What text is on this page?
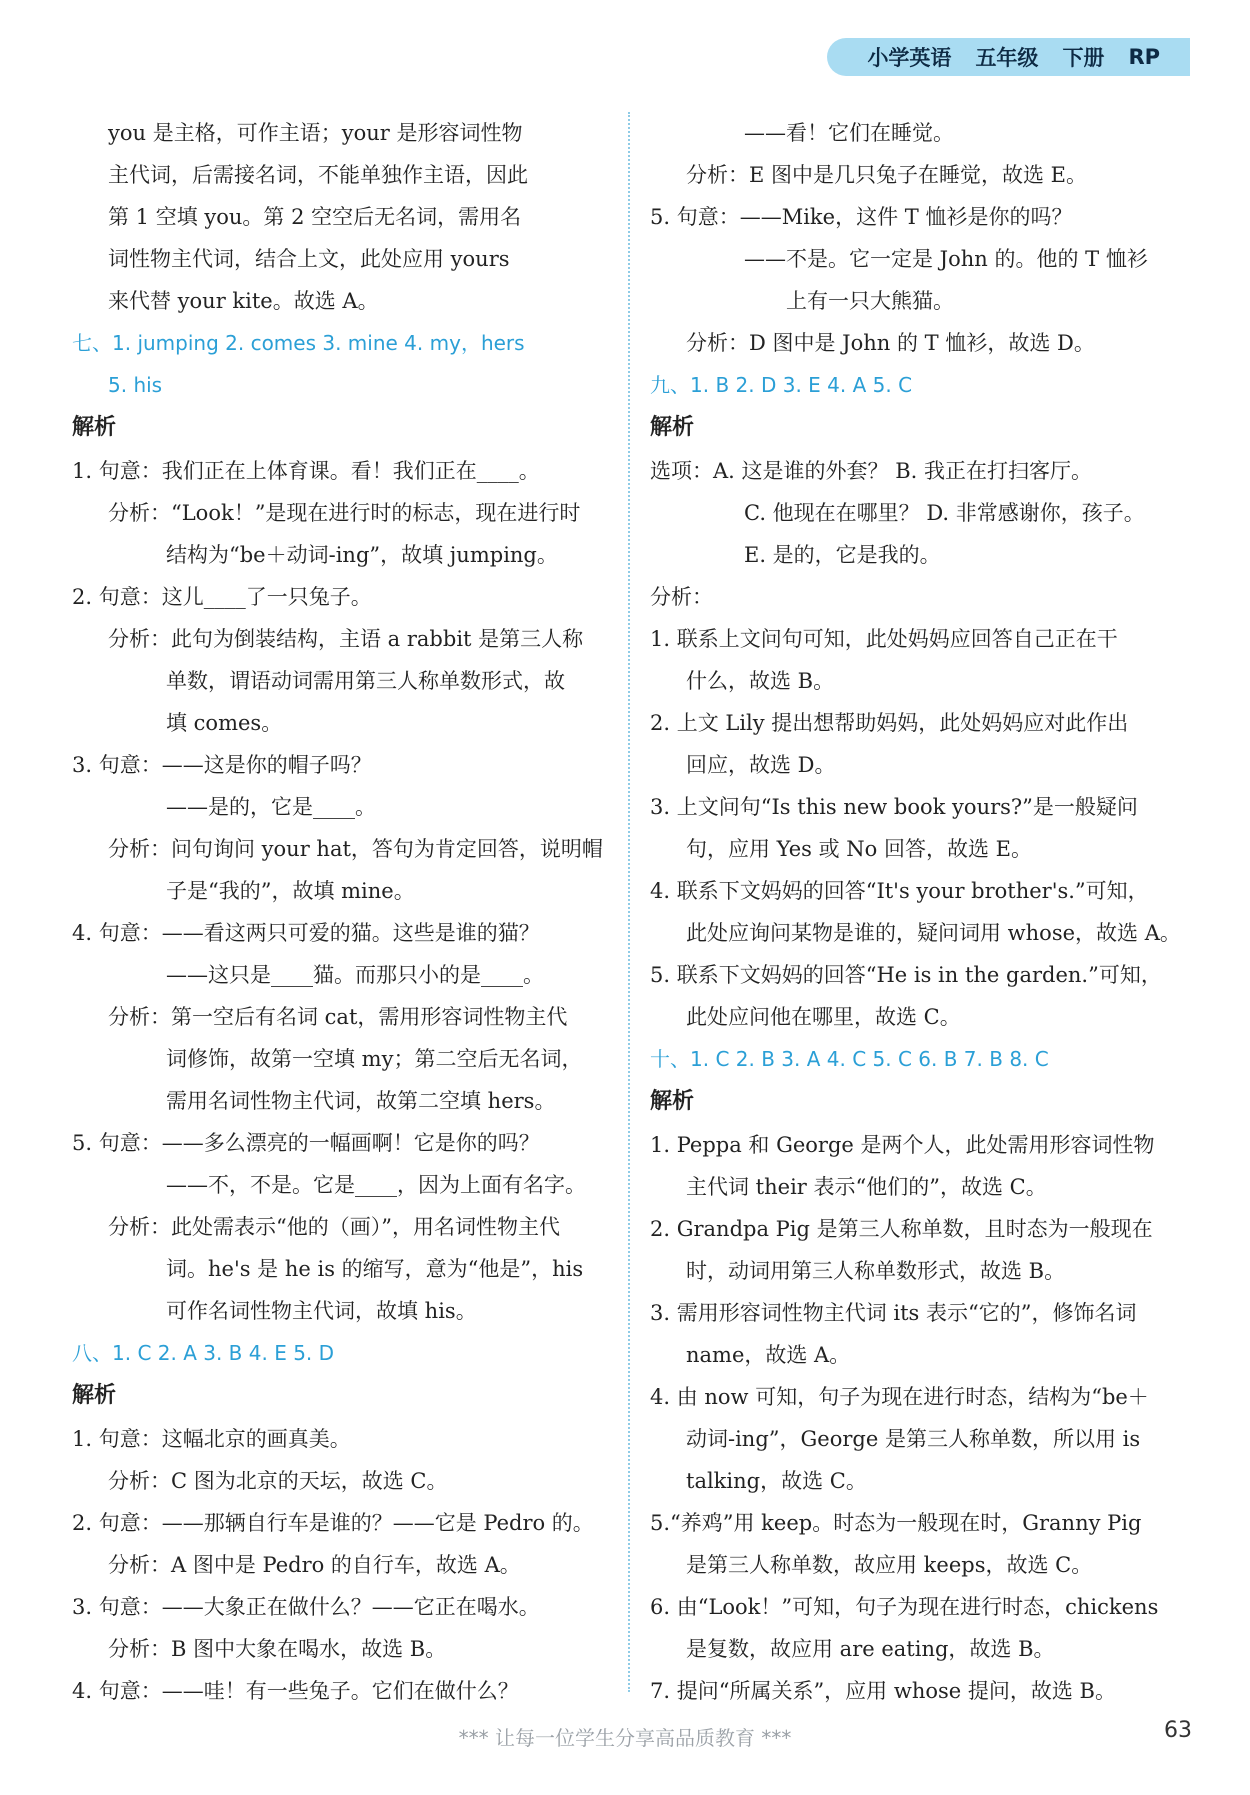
小学英语 五年级 下册 RP
you 是主格，可作主语；your 是形容词性物
主代词，后需接名词，不能单独作主语，因此
第 1 空填 you。第 2 空空后无名词，需用名
词性物主代词，结合上文，此处应用 yours
来代替 your kite。故选 A。
七、1. jumping 2. comes 3. mine 4. my，hers
5. his
解析
1. 句意：我们正在上体育课。看！我们正在____。
分析：“Look！”是现在进行时的标志，现在进行时
结构为“be＋动词-ing”，故填 jumping。
2. 句意：这儿____了一只兔子。
分析：此句为倒装结构，主语 a rabbit 是第三人称
单数，谓语动词需用第三人称单数形式，故
填 comes。
3. 句意：——这是你的帽子吗？
——是的，它是____。
分析：问句询问 your hat，答句为肯定回答，说明帽
子是“我的”，故填 mine。
4. 句意：——看这两只可爱的猫。这些是谁的猫？
——这只是____猫。而那只小的是____。
分析：第一空后有名词 cat，需用形容词性物主代
词修饰，故第一空填 my；第二空后无名词，
需用名词性物主代词，故第二空填 hers。
5. 句意：——多么漂亮的一幅画啊！它是你的吗？
——不，不是。它是____，因为上面有名字。
分析：此处需表示“他的（画）”，用名词性物主代
词。he's 是 he is 的缩写，意为“他是”，his
可作名词性物主代词，故填 his。
八、1. C 2. A 3. B 4. E 5. D
解析
1. 句意：这幅北京的画真美。
分析：C 图为北京的天坛，故选 C。
2. 句意：——那辆自行车是谁的？——它是 Pedro 的。
分析：A 图中是 Pedro 的自行车，故选 A。
3. 句意：——大象正在做什么？——它正在喝水。
分析：B 图中大象在喝水，故选 B。
4. 句意：——哇！有一些兔子。它们在做什么？
——看！它们在睡觉。
分析：E 图中是几只兔子在睡觉，故选 E。
5. 句意：——Mike，这件 T 恤衫是你的吗？
——不是。它一定是 John 的。他的 T 恤衫
上有一只大熊猫。
分析：D 图中是 John 的 T 恤衫，故选 D。
九、1. B 2. D 3. E 4. A 5. C
解析
选项：A. 这是谁的外套？ B. 我正在打扫客厅。
C. 他现在在哪里？ D. 非常感谢你，孩子。
E. 是的，它是我的。
分析：
1. 联系上文问句可知，此处妈妈应回答自己正在干
什么，故选 B。
2. 上文 Lily 提出想帮助妈妈，此处妈妈应对此作出
回应，故选 D。
3. 上文问句“Is this new book yours?”是一般疑问
句，应用 Yes 或 No 回答，故选 E。
4. 联系下文妈妈的回答“It's your brother's.”可知，
此处应询问某物是谁的，疑问词用 whose，故选 A。
5. 联系下文妈妈的回答“He is in the garden.”可知，
此处应问他在哪里，故选 C。
十、1. C 2. B 3. A 4. C 5. C 6. B 7. B 8. C
解析
1. Peppa 和 George 是两个人，此处需用形容词性物
主代词 their 表示“他们的”，故选 C。
2. Grandpa Pig 是第三人称单数，且时态为一般现在
时，动词用第三人称单数形式，故选 B。
3. 需用形容词性物主代词 its 表示“它的”，修饰名词
name，故选 A。
4. 由 now 可知，句子为现在进行时态，结构为“be＋
动词-ing”，George 是第三人称单数，所以用 is
talking，故选 C。
5.“养鸡”用 keep。时态为一般现在时，Granny Pig
是第三人称单数，故应用 keeps，故选 C。
6. 由“Look！”可知，句子为现在进行时态，chickens
是复数，故应用 are eating，故选 B。
7. 提问“所属关系”，应用 whose 提问，故选 B。
*** 让每一位学生分享高品质教育 ***	63
